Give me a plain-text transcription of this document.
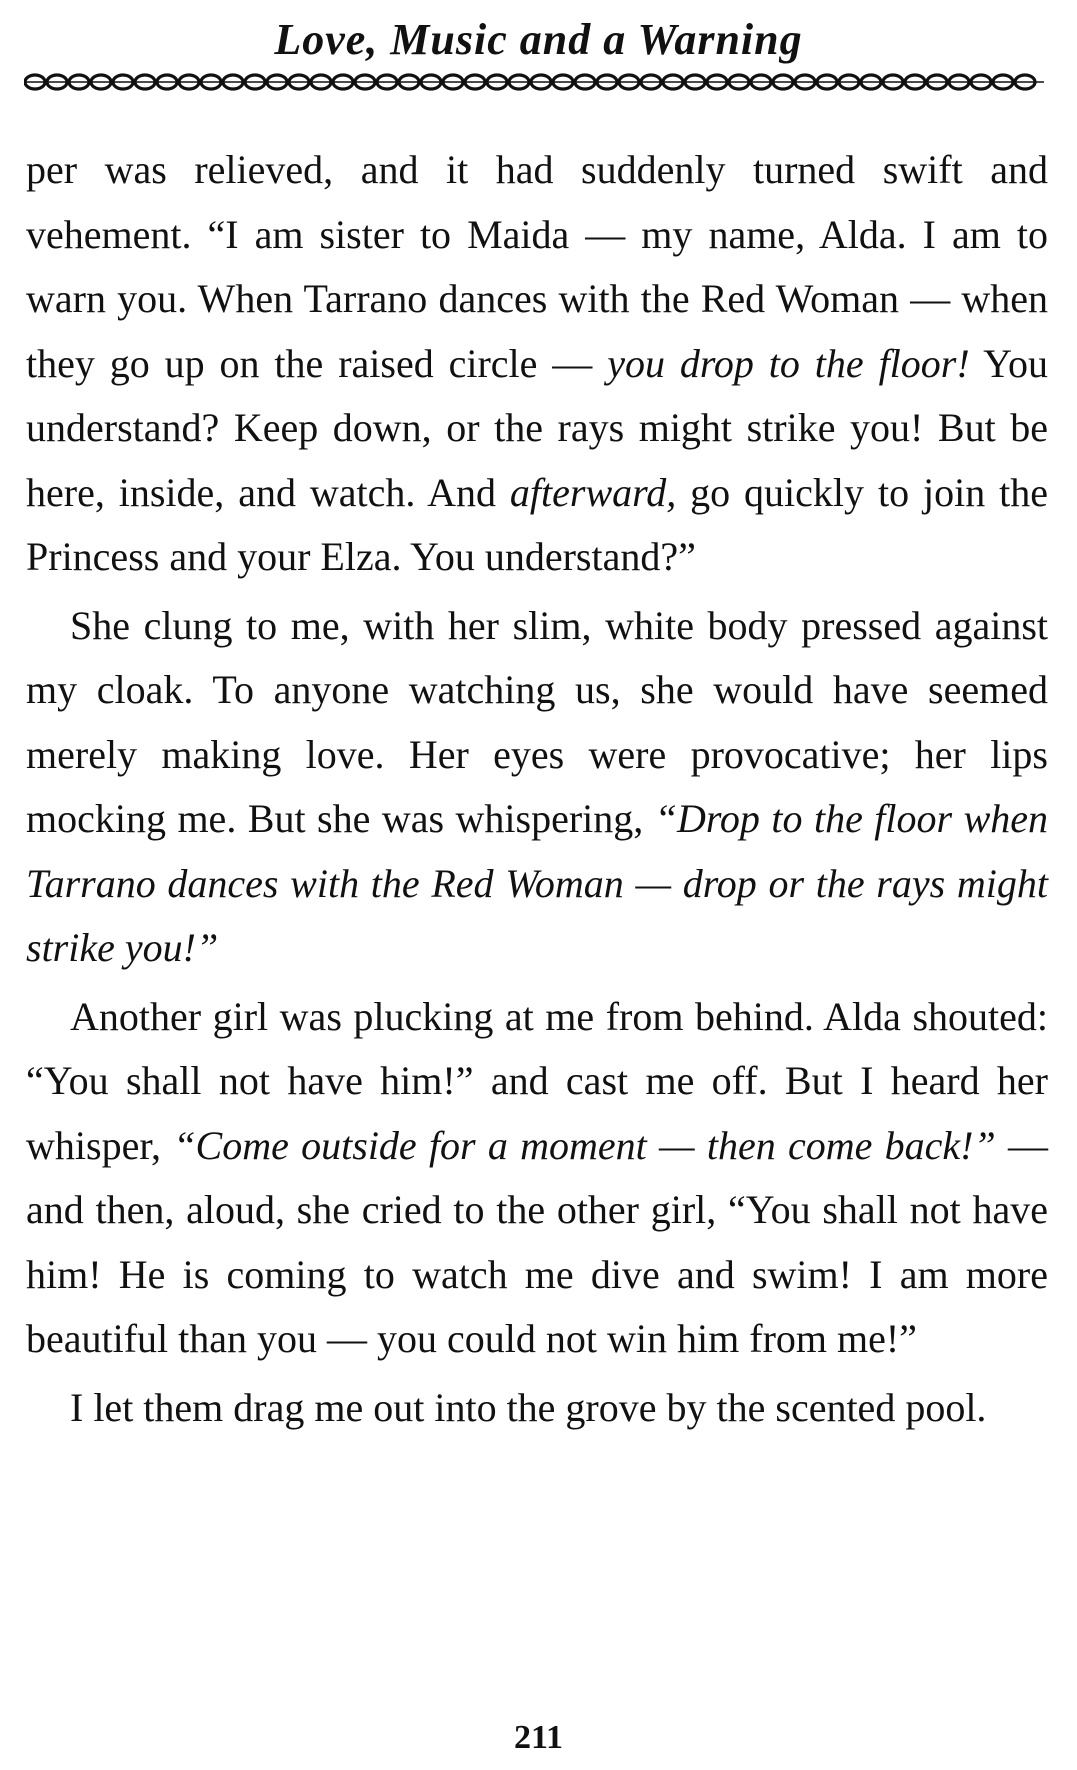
Love, Music and a Warning

per was relieved, and it had suddenly turned swift and vehement. “I am sister to Maida — my name, Alda. I am to warn you. When Tarrano dances with the Red Woman — when they go up on the raised circle — you drop to the floor! You understand? Keep down, or the rays might strike you! But be here, inside, and watch. And afterward, go quickly to join the Princess and your Elza. You understand?”

She clung to me, with her slim, white body pressed against my cloak. To anyone watching us, she would have seemed merely making love. Her eyes were provocative; her lips mocking me. But she was whispering, “Drop to the floor when Tarrano dances with the Red Woman — drop or the rays might strike you!”

Another girl was plucking at me from behind. Alda shouted: “You shall not have him!” and cast me off. But I heard her whisper, “Come outside for a moment — then come back!” — and then, aloud, she cried to the other girl, “You shall not have him! He is coming to watch me dive and swim! I am more beautiful than you — you could not win him from me!”

I let them drag me out into the grove by the scented pool.

211
